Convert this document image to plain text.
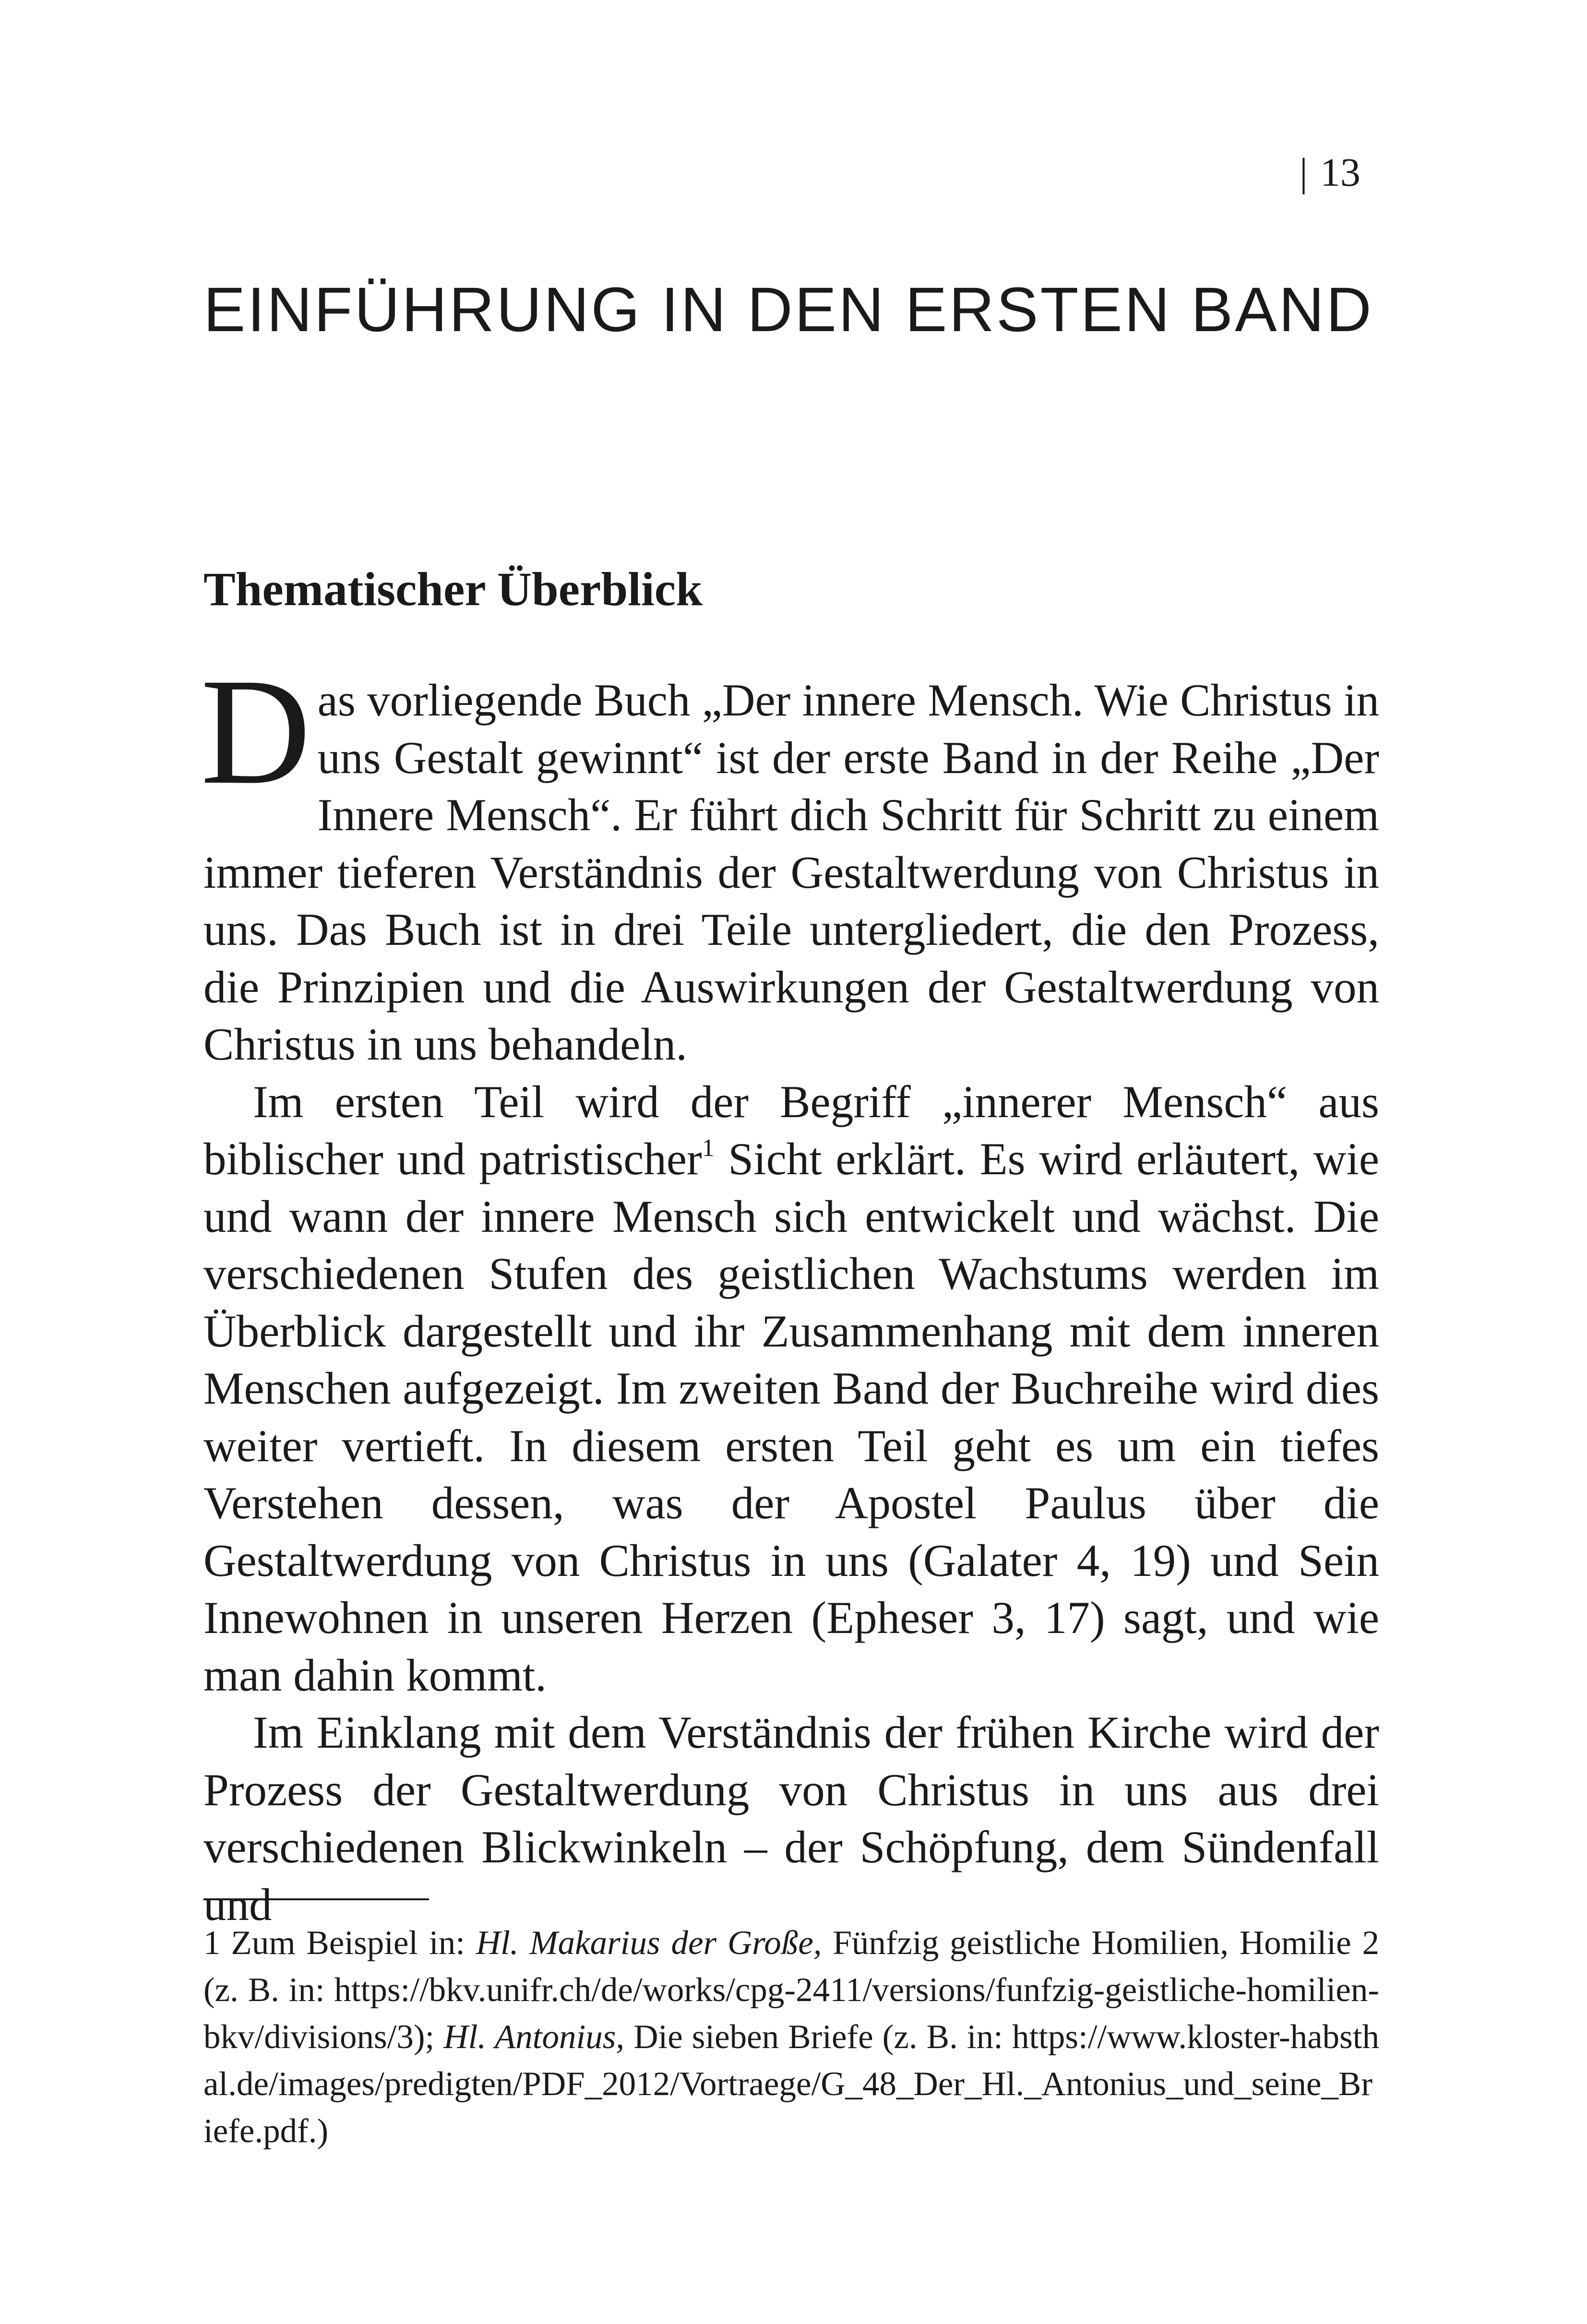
| 13
EINFÜHRUNG IN DEN ERSTEN BAND
Thematischer Überblick

Das vorliegende Buch „Der innere Mensch. Wie Christus in uns Gestalt gewinnt“ ist der erste Band in der Reihe „Der Innere Mensch“. Er führt dich Schritt für Schritt zu einem immer tieferen Verständnis der Gestaltwerdung von Christus in uns. Das Buch ist in drei Teile untergliedert, die den Prozess, die Prinzipien und die Auswirkungen der Gestaltwerdung von Christus in uns behandeln.

Im ersten Teil wird der Begriff „innerer Mensch“ aus biblischer und patristischer$^1$ Sicht erklärt. Es wird erläutert, wie und wann der innere Mensch sich entwickelt und wächst. Die verschiedenen Stufen des geistlichen Wachstums werden im Überblick dargestellt und ihr Zusammenhang mit dem inneren Menschen aufgezeigt. Im zweiten Band der Buchreihe wird dies weiter vertieft. In diesem ersten Teil geht es um ein tiefes Verstehen dessen, was der Apostel Paulus über die Gestaltwerdung von Christus in uns (Galater 4, 19) und Sein Innewohnen in unseren Herzen (Epheser 3, 17) sagt, und wie man dahin kommt.

Im Einklang mit dem Verständnis der frühen Kirche wird der Prozess der Gestaltwerdung von Christus in uns aus drei verschiedenen Blickwinkeln – der Schöpfung, dem Sündenfall und

1 Zum Beispiel in: Hl. Makarius der Große, Fünfzig geistliche Homilien, Homilie 2 (z. B. in: https://bkv.unifr.ch/de/works/cpg-2411/versions/funfzig-geistliche-homilien-bkv/divisions/3); Hl. Antonius, Die sieben Briefe (z. B. in: https://www.kloster-habsthal.de/images/predigten/PDF_2012/Vortraege/G_48_Der_Hl._Antonius_und_seine_Briefe.pdf.)
